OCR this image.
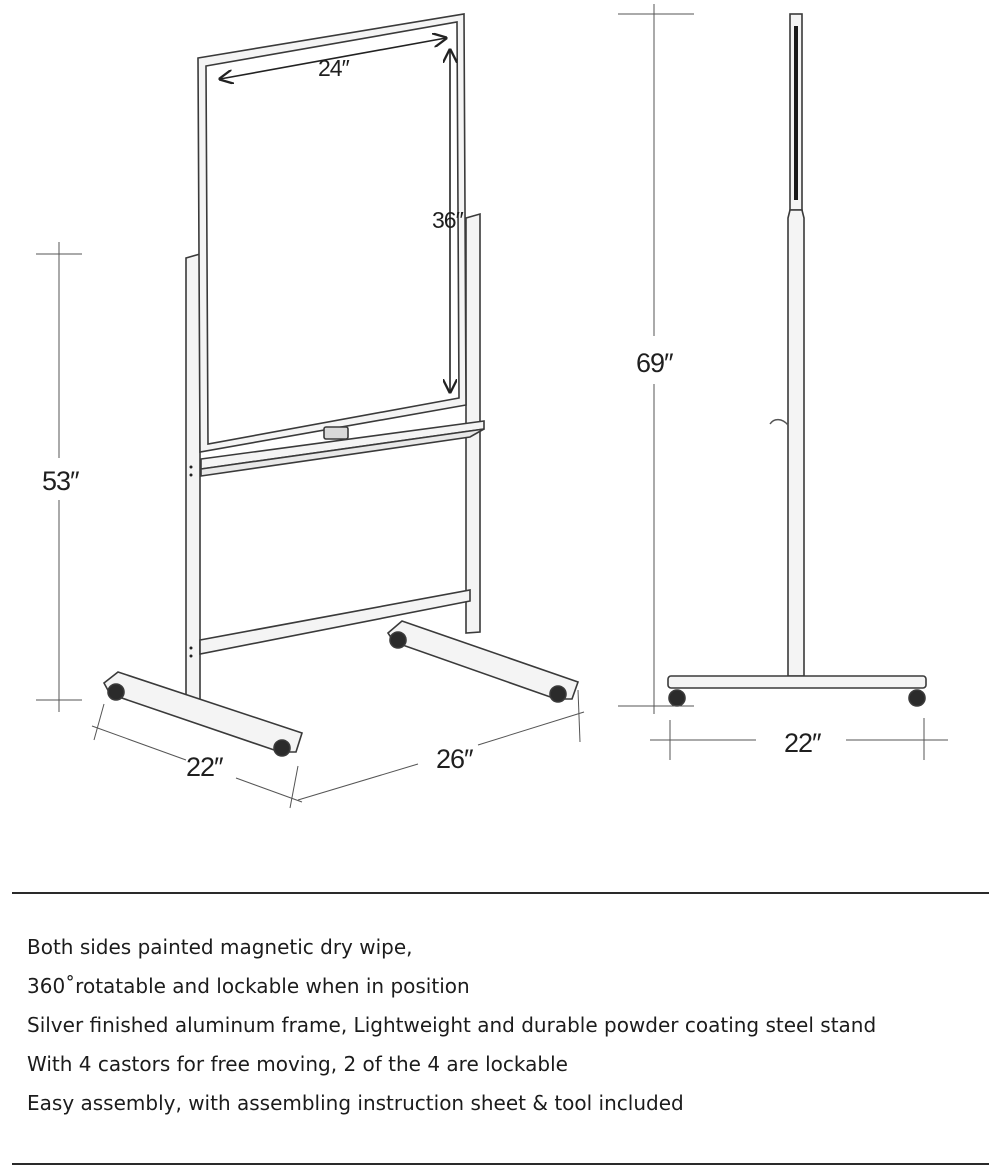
24″
36″
53″
69″
22″	26″
22″
Both sides painted magnetic dry wipe,
360˚rotatable and lockable when in position
Silver finished aluminum frame, Lightweight and durable powder coating steel stand
With 4 castors for free moving, 2 of the 4 are lockable
Easy assembly, with assembling instruction sheet & tool included
